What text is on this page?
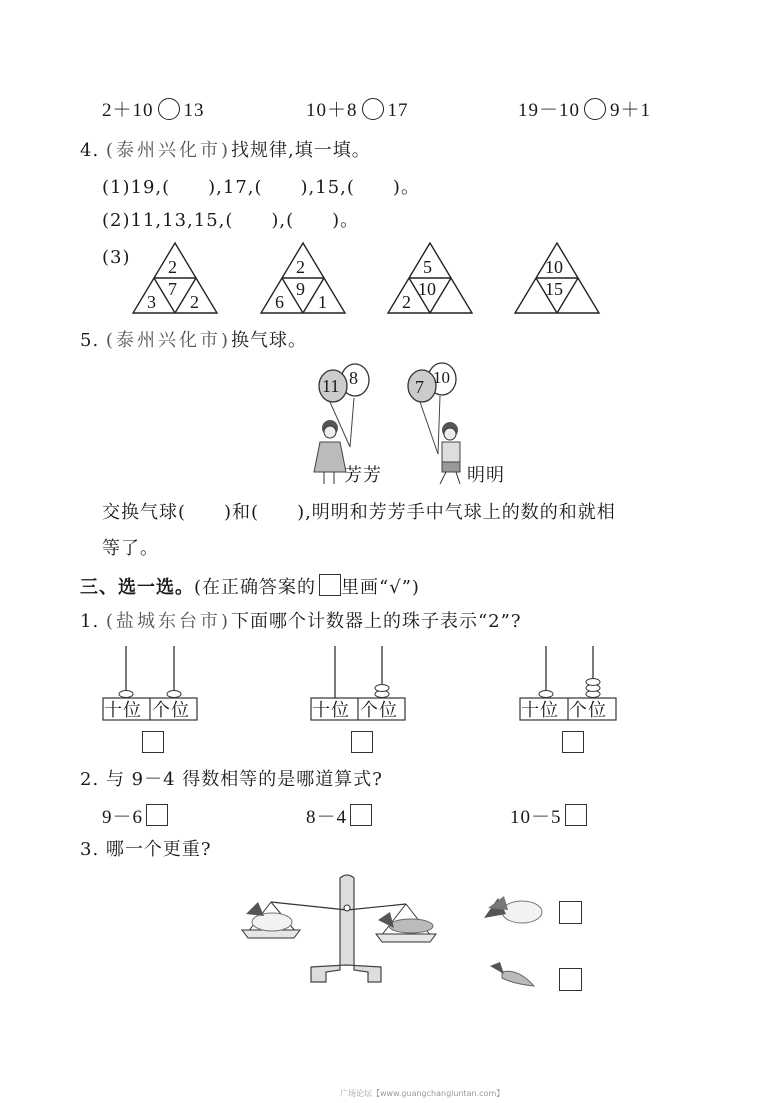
2＋10 13	10＋8 17	19－10 9＋1
4. (泰州兴化市)找规律,填一填。
(1)19,(　　),17,(　　),15,(　　)。
(2)11,13,15,(　　),(　　)。
(3) 2
7
3 2
2
9
6 1
5
10
2
10
15
5. (泰州兴化市)换气球。
11 8
芳芳
7 10
明明
交换气球(　　)和(　　),明明和芳芳手中气球上的数的和就相
等了。
三、选一选。(在正确答案的 里画“√”)
1. (盐城东台市)下面哪个计数器上的珠子表示“2”?
十位 个位	十位 个位	十位 个位
2. 与 9－4 得数相等的是哪道算式?
9－6	8－4	10－5
3. 哪一个更重?
广场论坛【www.guangchangluntan.com】
